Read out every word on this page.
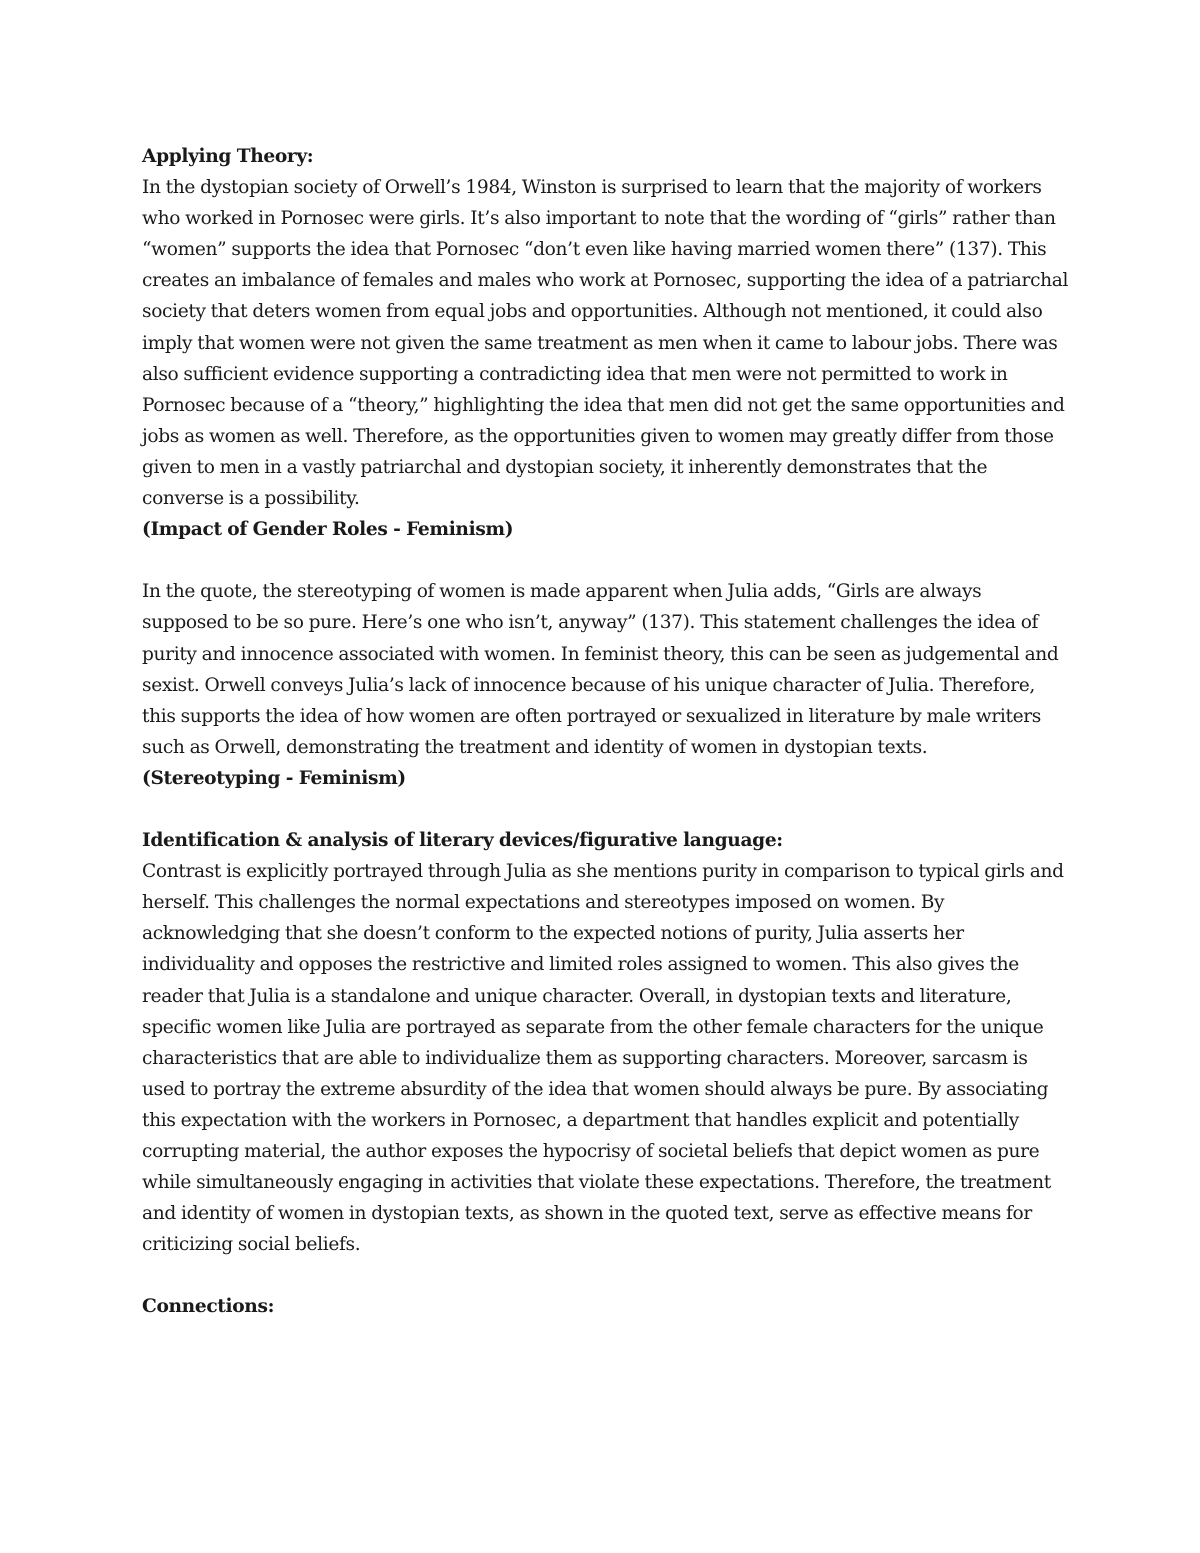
Applying Theory:

In the dystopian society of Orwell’s 1984, Winston is surprised to learn that the majority of workers who worked in Pornosec were girls. It’s also important to note that the wording of “girls” rather than “women” supports the idea that Pornosec “don’t even like having married women there” (137). This creates an imbalance of females and males who work at Pornosec, supporting the idea of a patriarchal society that deters women from equal jobs and opportunities. Although not mentioned, it could also imply that women were not given the same treatment as men when it came to labour jobs. There was also sufficient evidence supporting a contradicting idea that men were not permitted to work in Pornosec because of a “theory,” highlighting the idea that men did not get the same opportunities and jobs as women as well. Therefore, as the opportunities given to women may greatly differ from those given to men in a vastly patriarchal and dystopian society, it inherently demonstrates that the converse is a possibility.

(Impact of Gender Roles - Feminism)

In the quote, the stereotyping of women is made apparent when Julia adds, “Girls are always supposed to be so pure. Here’s one who isn’t, anyway” (137). This statement challenges the idea of purity and innocence associated with women. In feminist theory, this can be seen as judgemental and sexist. Orwell conveys Julia’s lack of innocence because of his unique character of Julia. Therefore, this supports the idea of how women are often portrayed or sexualized in literature by male writers such as Orwell, demonstrating the treatment and identity of women in dystopian texts.

(Stereotyping - Feminism)

Identification & analysis of literary devices/figurative language:

Contrast is explicitly portrayed through Julia as she mentions purity in comparison to typical girls and herself. This challenges the normal expectations and stereotypes imposed on women. By acknowledging that she doesn’t conform to the expected notions of purity, Julia asserts her individuality and opposes the restrictive and limited roles assigned to women. This also gives the reader that Julia is a standalone and unique character. Overall, in dystopian texts and literature, specific women like Julia are portrayed as separate from the other female characters for the unique characteristics that are able to individualize them as supporting characters. Moreover, sarcasm is used to portray the extreme absurdity of the idea that women should always be pure. By associating this expectation with the workers in Pornosec, a department that handles explicit and potentially corrupting material, the author exposes the hypocrisy of societal beliefs that depict women as pure while simultaneously engaging in activities that violate these expectations. Therefore, the treatment and identity of women in dystopian texts, as shown in the quoted text, serve as effective means for criticizing social beliefs.

Connections:
